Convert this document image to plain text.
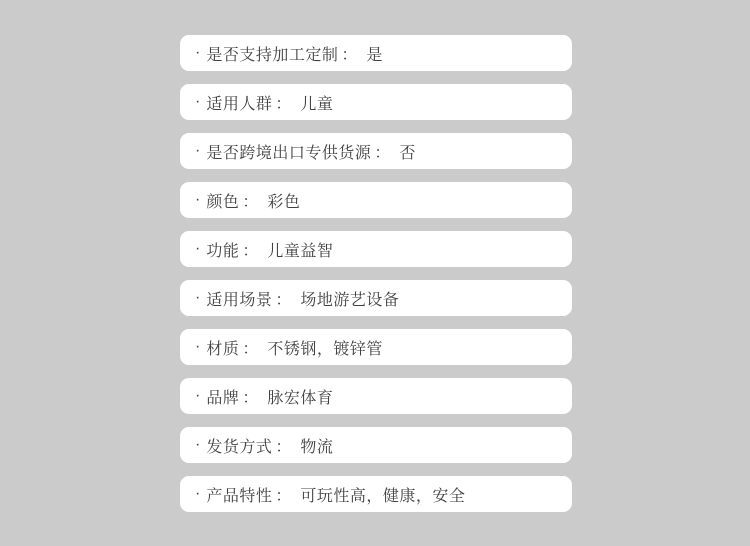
· 是否支持加工定制 ： 是
· 适用人群 ： 儿童
· 是否跨境出口专供货源 ： 否
· 颜色 ： 彩色
· 功能 ： 儿童益智
· 适用场景 ： 场地游艺设备
· 材质 ： 不锈钢，镀锌管
· 品牌 ： 脉宏体育
· 发货方式 ： 物流
· 产品特性 ： 可玩性高，健康，安全
